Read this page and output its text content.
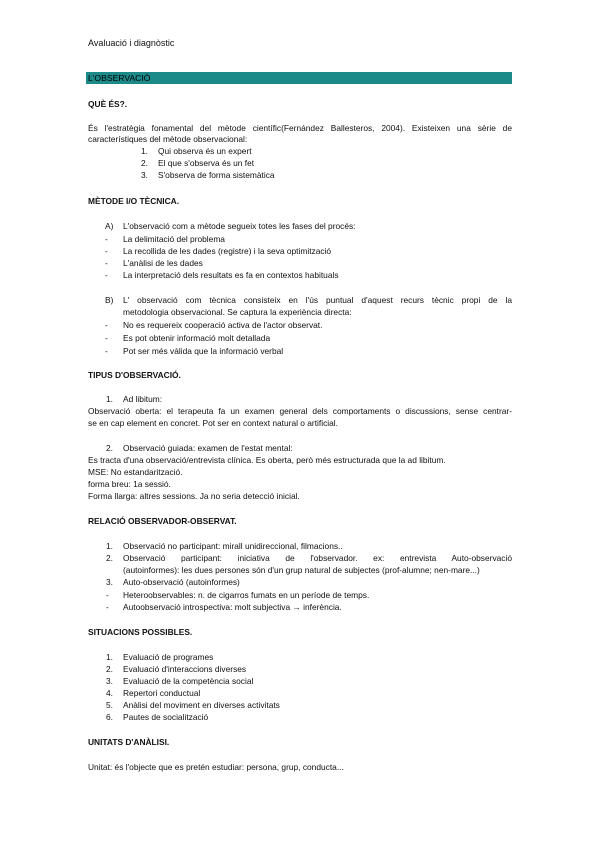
Avaluació i diagnòstic
L'OBSERVACIÓ
QUÈ ÉS?.
És l'estratègia fonamental del mètode científic(Fernández Ballesteros, 2004). Existeixen una sèrie de
característiques del mètode observacional:
1. Qui observa és un expert
2. El que s'observa és un fet
3. S'observa de forma sistemàtica
MÈTODE I/O TÈCNICA.
A) L'observació com a mètode segueix totes les fases del procés:
- La delimitació del problema
- La recollida de les dades (registre) i la seva optimització
- L'anàlisi de les dades
- La interpretació dels resultats es fa en contextos habituals
B) L' observació com tècnica consisteix en l'ús puntual d'aquest recurs tècnic propi de la
metodologia observacional. Se captura la experiència directa:
- No es requereix cooperació activa de l'actor observat.
- Es pot obtenir informació molt detallada
- Pot ser més vàlida que la informació verbal
TIPUS D'OBSERVACIÓ.
1. Ad libitum:
Observació oberta: el terapeuta fa un examen general dels comportaments o discussions, sense centrar-
se en cap element en concret. Pot ser en context natural o artificial.
2. Observació guiada: examen de l'estat mental:
Es tracta d'una observació/entrevista clínica. Es oberta, però més estructurada que la ad libitum.
MSE: No estandarització.
forma breu: 1a sessió.
Forma llarga: altres sessions. Ja no seria detecció inicial.
RELACIÓ OBSERVADOR-OBSERVAT.
1. Observació no participant: mirall unidireccional, filmacions..
2. Observació participant: iniciativa de l'observador. ex: entrevista Auto-observació
(autoinformes): les dues persones són d'un grup natural de subjectes (prof-alumne; nen-mare...)
3. Auto-observació (autoinformes)
- Heteroobservables: n. de cigarros fumats en un període de temps.
- Autoobservació introspectiva: molt subjectiva → inferència.
SITUACIONS POSSIBLES.
1. Evaluació de programes
2. Evaluació d'interaccions diverses
3. Evaluació de la competència social
4. Repertori conductual
5. Anàlisi del moviment en diverses activitats
6. Pautes de socialització
UNITATS D'ANÀLISI.
Unitat: és l'objecte que es pretén estudiar: persona, grup, conducta...
